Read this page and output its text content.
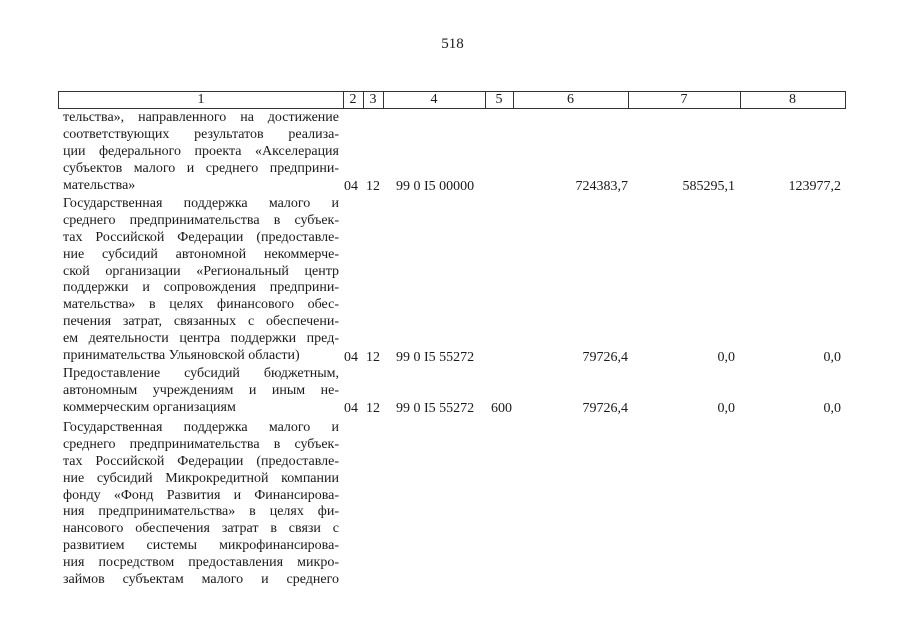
518
1	2 3	4	5	6	7	8
тельства», направленного на достижение
соответствующих результатов реализа-
ции федерального проекта «Акселерация
субъектов малого и среднего предприни-
мательства»	04 12 99 0 I5 00000	724383,7	585295,1	123977,2
Государственная поддержка малого и
среднего предпринимательства в субъек-
тах Российской Федерации (предоставле-
ние субсидий автономной некоммерче-
ской организации «Региональный центр
поддержки и сопровождения предприни-
мательства» в целях финансового обес-
печения затрат, связанных с обеспечени-
ем деятельности центра поддержки пред-
принимательства Ульяновской области)	04 12 99 0 I5 55272	79726,4	0,0	0,0
Предоставление субсидий бюджетным,
автономным учреждениям и иным не-
коммерческим организациям	04 12 99 0 I5 55272 600	79726,4	0,0	0,0
Государственная поддержка малого и
среднего предпринимательства в субъек-
тах Российской Федерации (предоставле-
ние субсидий Микрокредитной компании
фонду «Фонд Развития и Финансирова-
ния предпринимательства» в целях фи-
нансового обеспечения затрат в связи с
развитием системы микрофинансирова-
ния посредством предоставления микро-
займов субъектам малого и среднего
